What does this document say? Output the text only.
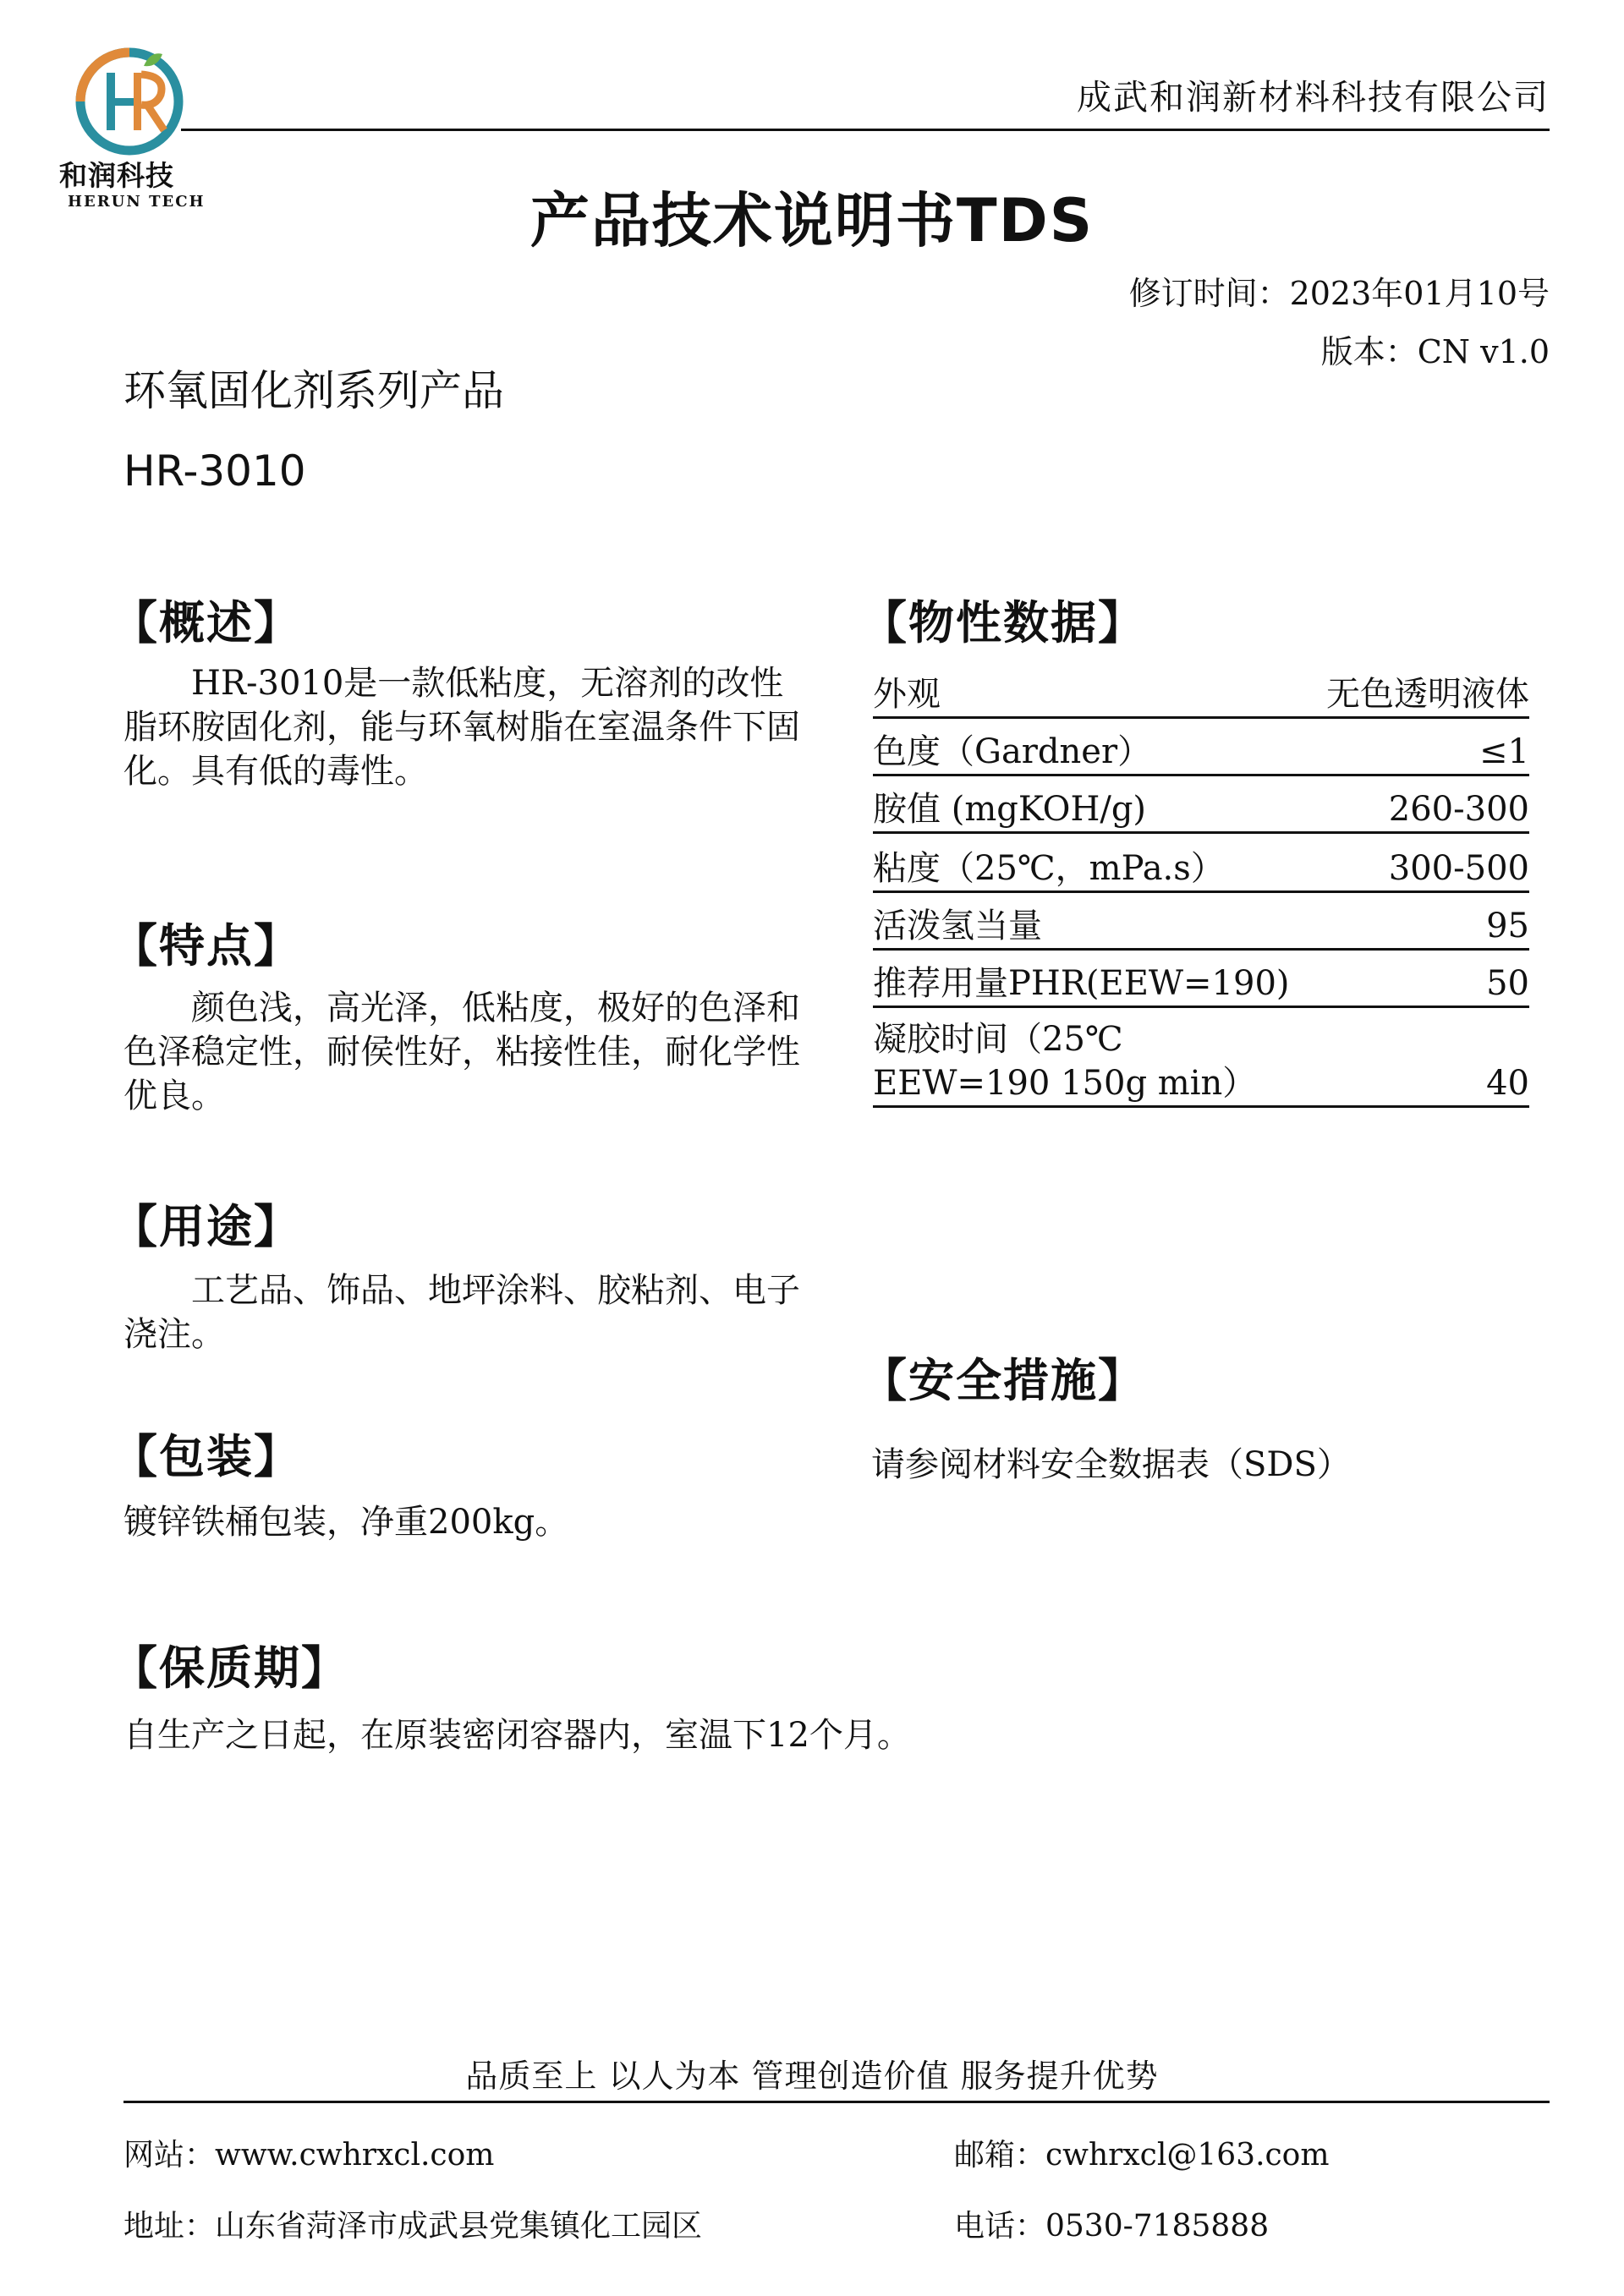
和润科技
HERUN TECH
成武和润新材料科技有限公司
产品技术说明书TDS
修订时间：2023年01月10号
版本：CN v1.0
环氧固化剂系列产品
HR-3010
【概述】
　　HR-3010是一款低粘度，无溶剂的改性脂环胺固化剂，能与环氧树脂在室温条件下固化。具有低的毒性。
【特点】
　　颜色浅，高光泽，低粘度，极好的色泽和色泽稳定性，耐侯性好，粘接性佳，耐化学性优良。
【用途】
　　工艺品、饰品、地坪涂料、胶粘剂、电子浇注。
【包装】
镀锌铁桶包装，净重200kg。
【保质期】
自生产之日起，在原装密闭容器内，室温下12个月。
【物性数据】
外观	无色透明液体
色度（Gardner）	≤1
胺值 (mgKOH/g)	260-300
粘度（25℃，mPa.s）	300-500
活泼氢当量	95
推荐用量PHR(EEW=190)	50
凝胶时间（25℃
EEW=190 150g min）	40
【安全措施】
请参阅材料安全数据表（SDS）
品质至上 以人为本 管理创造价值 服务提升优势
网站：www.cwhrxcl.com	邮箱：cwhrxcl@163.com
地址：山东省菏泽市成武县党集镇化工园区	电话：0530-7185888
